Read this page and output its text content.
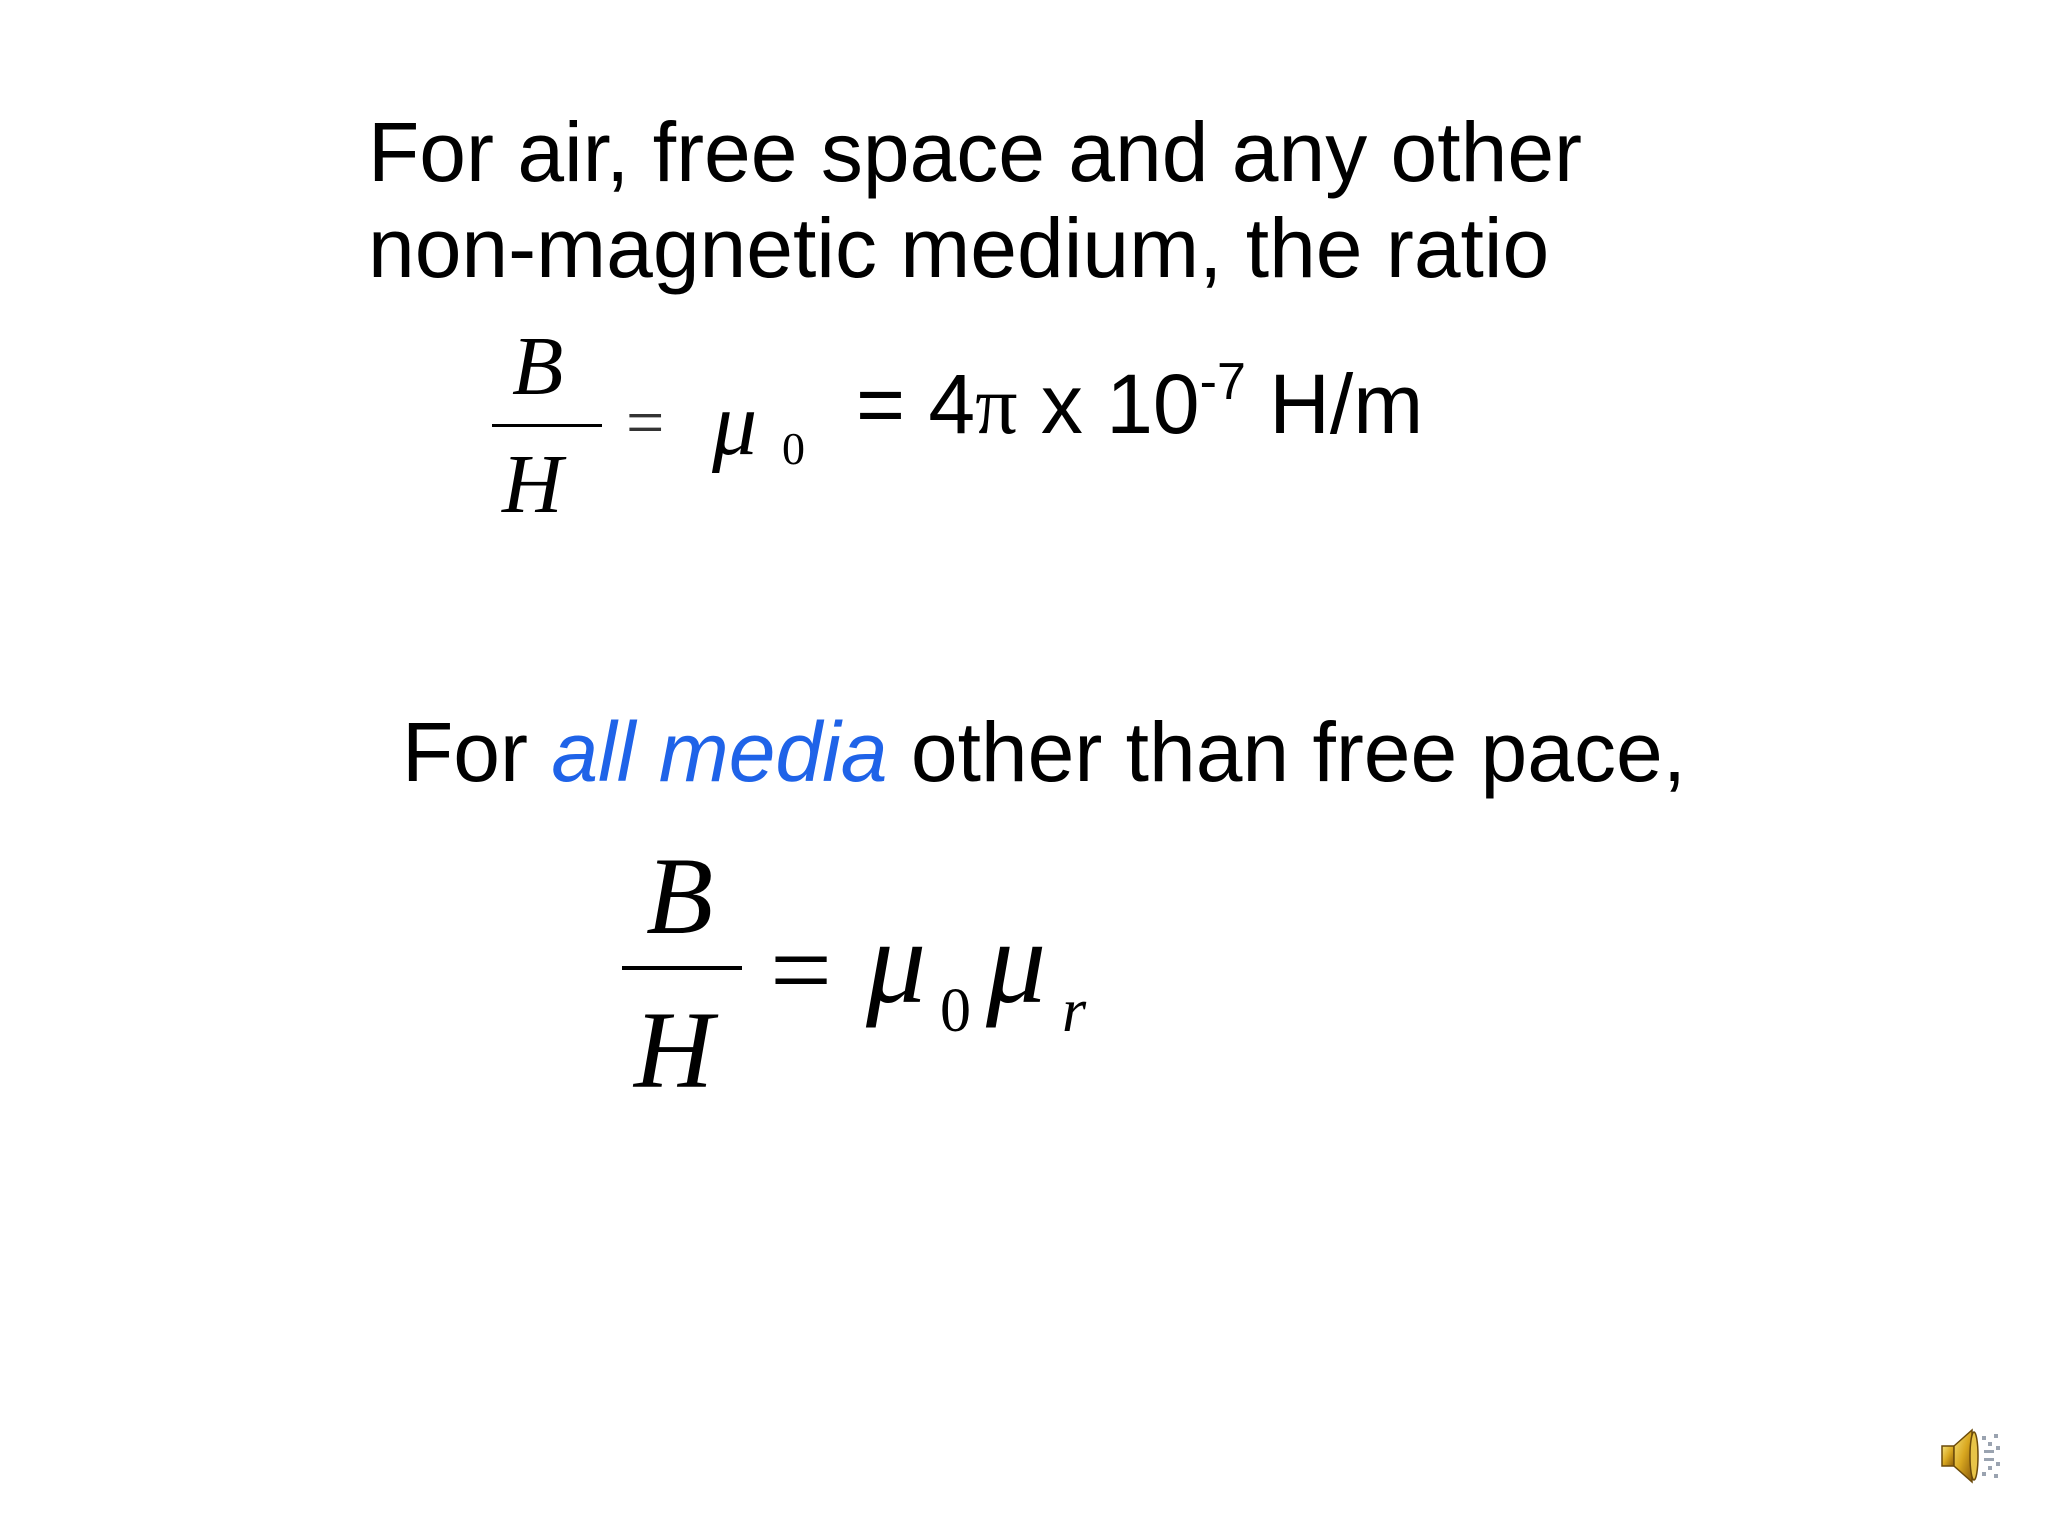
For air, free space and any other
non-magnetic medium, the ratio
B
H
= μ 0 = 4π x $10^{-7}$ H/m
For all media other than free pace,
B
H
= μ 0 μ r
